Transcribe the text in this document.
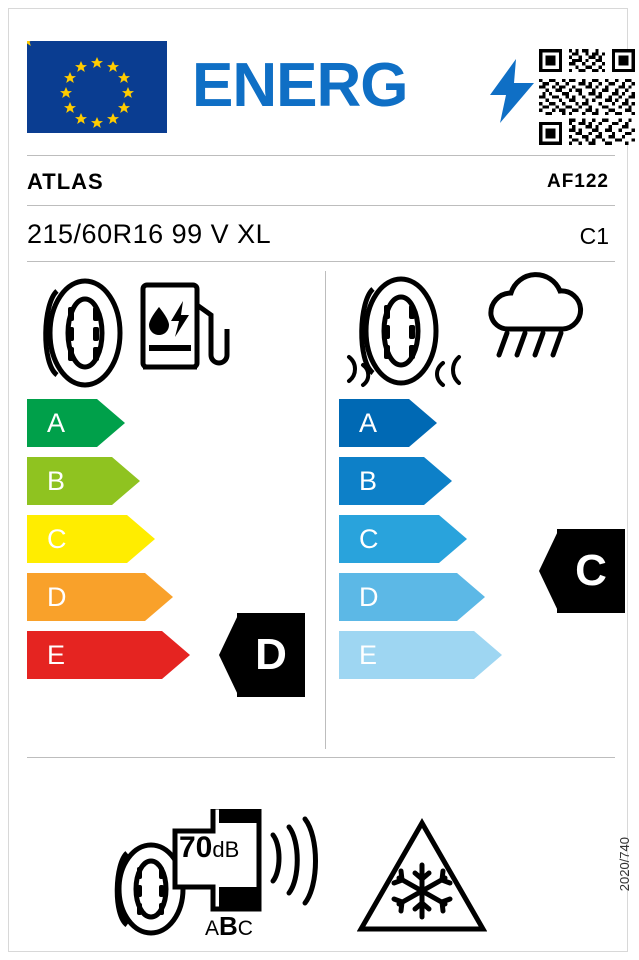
ENERG
ATLAS	AF122
215/60R16 99 V XL	C1
A
B
C
D
E	D
A
B
C
D
E
C
70dB
ABC
2020/740
